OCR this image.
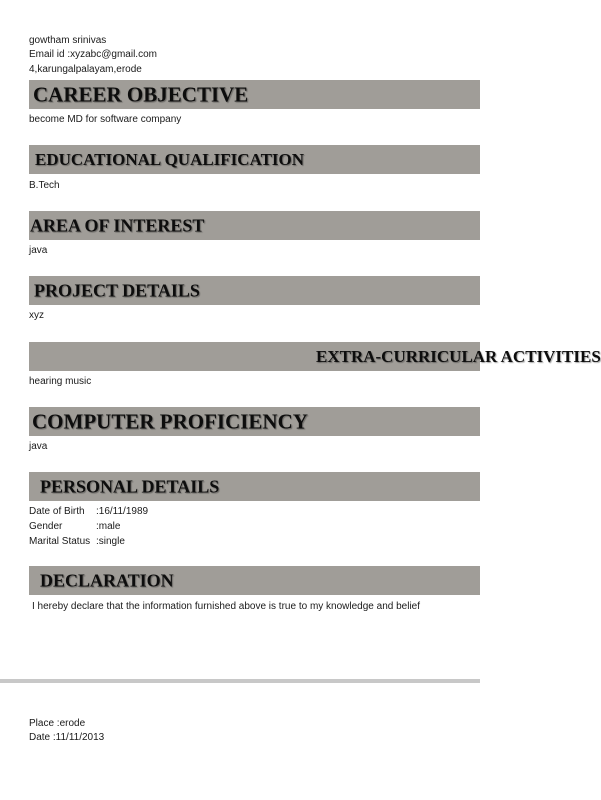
gowtham srinivas
Email id :xyzabc@gmail.com
4,karungalpalayam,erode
CAREER OBJECTIVE
become MD for software company
EDUCATIONAL QUALIFICATION
B.Tech
AREA OF INTEREST
java
PROJECT DETAILS
xyz
EXTRA-CURRICULAR ACTIVITIES
hearing music
COMPUTER PROFICIENCY
java
PERSONAL DETAILS
Date of Birth :16/11/1989
Gender	:male
Marital Status :single
DECLARATION
I hereby declare that the information furnished above is true to my knowledge and belief
Place :erode
Date :11/11/2013
